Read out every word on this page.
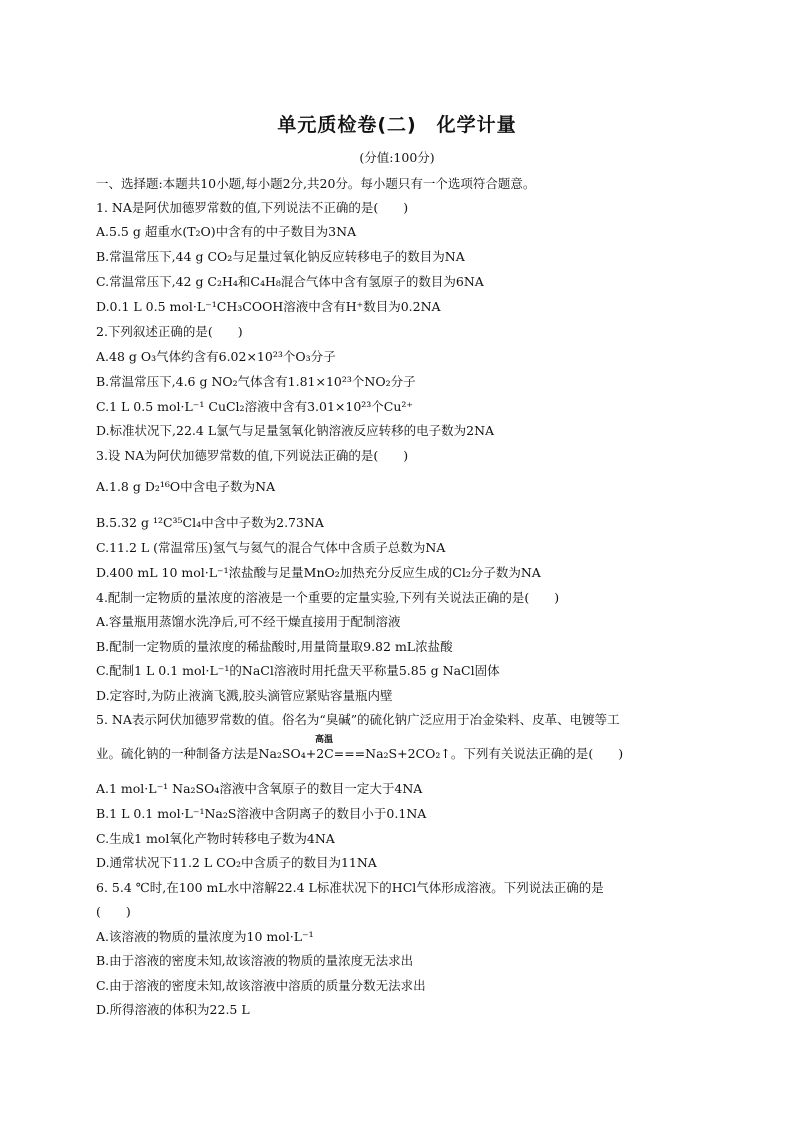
单元质检卷(二)　化学计量
(分值:100分)
一、选择题:本题共10小题,每小题2分,共20分。每小题只有一个选项符合题意。
1. NA是阿伏加德罗常数的值,下列说法不正确的是(　　)
A.5.5 g 超重水(T₂O)中含有的中子数目为3NA
B.常温常压下,44 g CO₂与足量过氧化钠反应转移电子的数目为NA
C.常温常压下,42 g C₂H₄和C₄H₈混合气体中含有氢原子的数目为6NA
D.0.1 L 0.5 mol·L⁻¹CH₃COOH溶液中含有H⁺数目为0.2NA
2.下列叙述正确的是(　　)
A.48 g O₃气体约含有6.02×10²³个O₃分子
B.常温常压下,4.6 g NO₂气体含有1.81×10²³个NO₂分子
C.1 L 0.5 mol·L⁻¹ CuCl₂溶液中含有3.01×10²³个Cu²⁺
D.标准状况下,22.4 L氯气与足量氢氧化钠溶液反应转移的电子数为2NA
3.设 NA为阿伏加德罗常数的值,下列说法正确的是(　　)
A.1.8 g D₂¹⁶O中含电子数为NA
B.5.32 g ¹²C³⁵Cl₄中含中子数为2.73NA
C.11.2 L (常温常压)氢气与氦气的混合气体中含质子总数为NA
D.400 mL 10 mol·L⁻¹浓盐酸与足量MnO₂加热充分反应生成的Cl₂分子数为NA
4.配制一定物质的量浓度的溶液是一个重要的定量实验,下列有关说法正确的是(　　)
A.容量瓶用蒸馏水洗净后,可不经干燥直接用于配制溶液
B.配制一定物质的量浓度的稀盐酸时,用量筒量取9.82 mL浓盐酸
C.配制1 L 0.1 mol·L⁻¹的NaCl溶液时用托盘天平称量5.85 g NaCl固体
D.定容时,为防止液滴飞溅,胶头滴管应紧贴容量瓶内壁
5. NA表示阿伏加德罗常数的值。俗名为“臭碱”的硫化钠广泛应用于冶金染料、皮革、电镀等工
业。硫化钠的一种制备方法是Na₂SO₄+2C===Na₂S+2CO₂↑。下列有关说法正确的是(　　)
A.1 mol·L⁻¹ Na₂SO₄溶液中含氧原子的数目一定大于4NA
B.1 L 0.1 mol·L⁻¹Na₂S溶液中含阴离子的数目小于0.1NA
C.生成1 mol氧化产物时转移电子数为4NA
D.通常状况下11.2 L CO₂中含质子的数目为11NA
6. 5.4 ℃时,在100 mL水中溶解22.4 L标准状况下的HCl气体形成溶液。下列说法正确的是
(　　)
A.该溶液的物质的量浓度为10 mol·L⁻¹
B.由于溶液的密度未知,故该溶液的物质的量浓度无法求出
C.由于溶液的密度未知,故该溶液中溶质的质量分数无法求出
D.所得溶液的体积为22.5 L
高温
